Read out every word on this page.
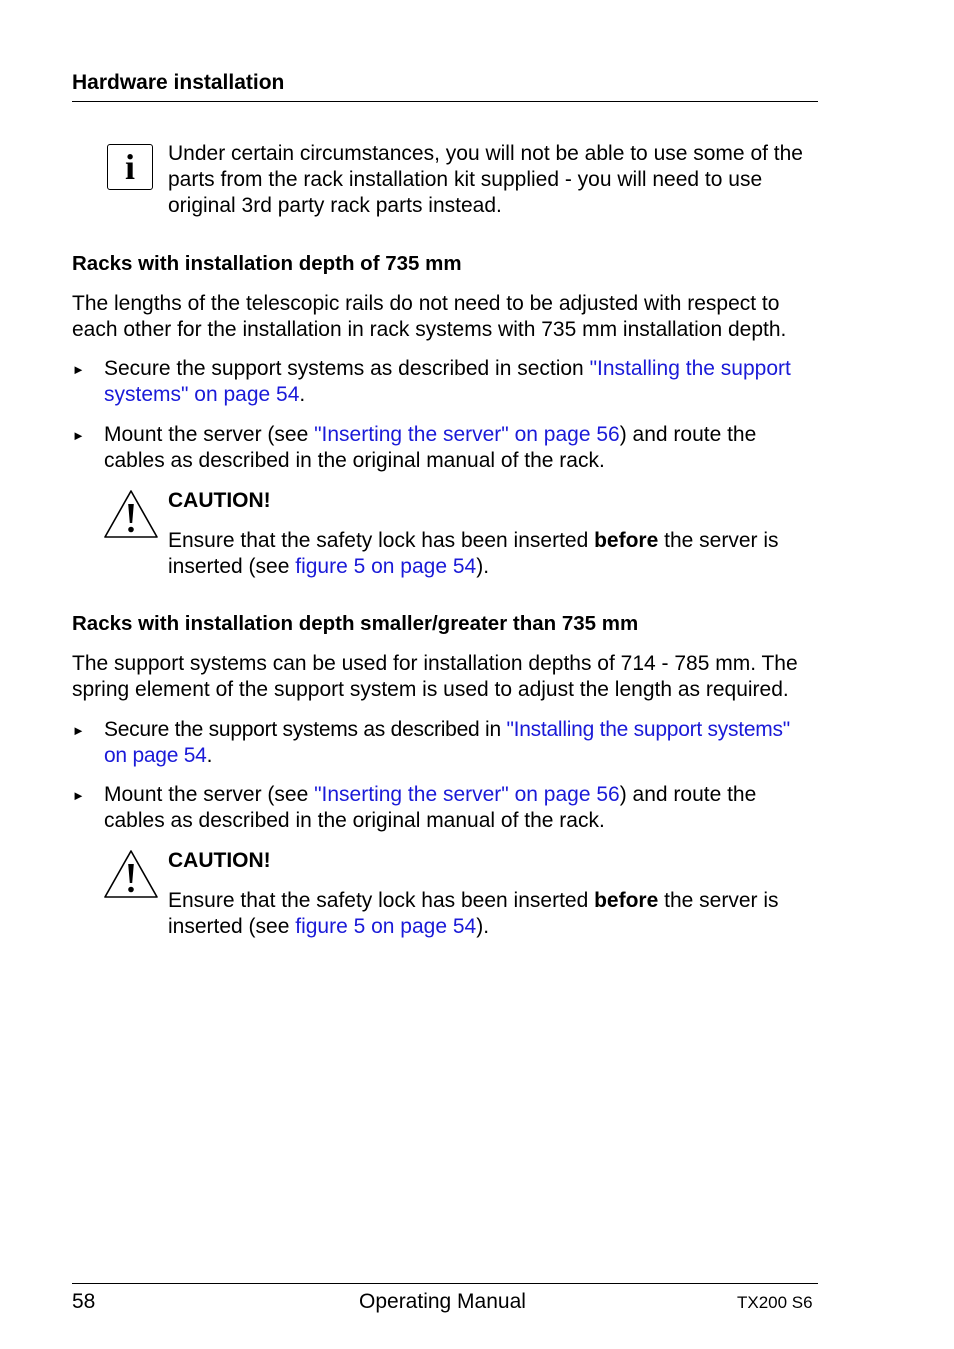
Hardware installation
i	Under certain circumstances, you will not be able to use some of the parts from the rack installation kit supplied - you will need to use original 3rd party rack parts instead.
Racks with installation depth of 735 mm
The lengths of the telescopic rails do not need to be adjusted with respect to each other for the installation in rack systems with 735 mm installation depth.
► Secure the support systems as described in section "Installing the support systems" on page 54.
► Mount the server (see "Inserting the server" on page 56) and route the cables as described in the original manual of the rack.
CAUTION!
Ensure that the safety lock has been inserted before the server is inserted (see figure 5 on page 54).
Racks with installation depth smaller/greater than 735 mm
The support systems can be used for installation depths of 714 - 785 mm. The spring element of the support system is used to adjust the length as required.
► Secure the support systems as described in "Installing the support systems" on page 54.
► Mount the server (see "Inserting the server" on page 56) and route the cables as described in the original manual of the rack.
CAUTION!
Ensure that the safety lock has been inserted before the server is inserted (see figure 5 on page 54).
58	Operating Manual	TX200 S6
